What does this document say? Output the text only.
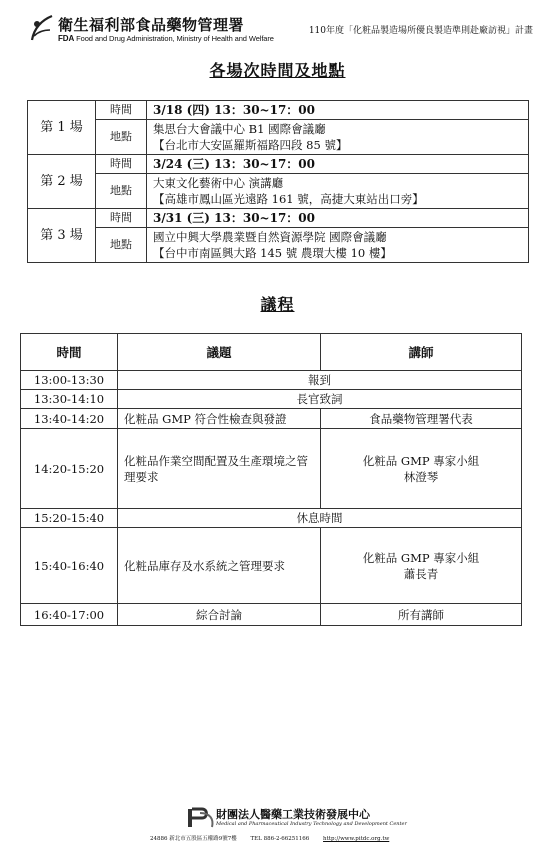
衛生福利部食品藥物管理署
FDA Food and Drug Administration, Ministry of Health and Welfare
110年度「化粧品製造場所優良製造準則赴廠訪視」計畫
各場次時間及地點
第 1 場	時間	3/18 (四) 13：30~17：00
	地點	集思台大會議中心 B1 國際會議廳
【台北市大安區羅斯福路四段 85 號】

第 2 場	時間	3/24 (三) 13：30~17：00
	地點	大東文化藝術中心 演講廳
【高雄市鳳山區光遠路 161 號，高捷大東站出口旁】

第 3 場	時間	3/31 (三) 13：30~17：00
	地點	國立中興大學農業暨自然資源學院 國際會議廳
【台中市南區興大路 145 號 農環大樓 10 樓】
議程
時間	議題	講師
13:00-13:30	報到	
13:30-14:10	長官致詞	
13:40-14:20	化粧品 GMP 符合性檢查與發證	食品藥物管理署代表
14:20-15:20	化粧品作業空間配置及生產環境之管理要求	化粧品 GMP 專家小組
林澄琴

15:20-15:40	休息時間	
15:40-16:40	化粧品庫存及水系統之管理要求	化粧品 GMP 專家小組
蕭長青

16:40-17:00	綜合討論	所有講師
財團法人醫藥工業技術發展中心
Medical and Pharmaceutical Industry Technology and Development Center
24886 新北市五股區五權路9號7樓	TEL 886-2-66251166	http://www.pitdc.org.tw
